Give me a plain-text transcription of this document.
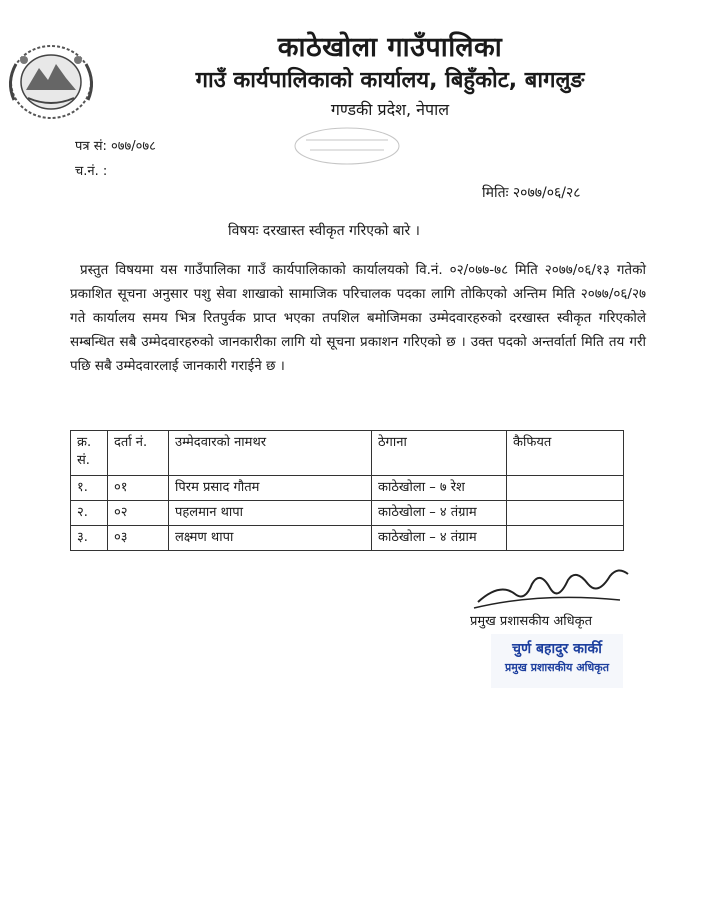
काठेखोला गाउँपालिका
गाउँ कार्यपालिकाको कार्यालय, बिहुँकोट, बागलुङ
गण्डकी प्रदेश, नेपाल
पत्र सं: ०७७/०७८
च.नं. :
मितिः २०७७/०६/२८
विषयः दरखास्त स्वीकृत गरिएको बारे ।
प्रस्तुत विषयमा यस गाउँपालिका गाउँ कार्यपालिकाको कार्यालयको वि.नं. ०२/०७७-७८ मिति २०७७/०६/१३ गतेको प्रकाशित सूचना अनुसार पशु सेवा शाखाको सामाजिक परिचालक पदका लागि तोकिएको अन्तिम मिति २०७७/०६/२७ गते कार्यालय समय भित्र रितपुर्वक प्राप्त भएका तपशिल बमोजिमका उम्मेदवारहरुको दरखास्त स्वीकृत गरिएकोले सम्बन्धित सबै उम्मेदवारहरुको जानकारीका लागि यो सूचना प्रकाशन गरिएको छ । उक्त पदको अन्तर्वार्ता मिति तय गरी पछि सबै उम्मेदवारलाई जानकारी गराईने छ ।
क्र. सं.	दर्ता नं.	उम्मेदवारको नामथर	ठेगाना	कैफियत
१.	०१	पिरम प्रसाद गौतम	काठेखोला – ७ रेश	
२.	०२	पहलमान थापा	काठेखोला – ४ तंग्राम	
३.	०३	लक्ष्मण थापा	काठेखोला – ४ तंग्राम	
प्रमुख प्रशासकीय अधिकृत
चुर्ण बहादुर कार्की
प्रमुख प्रशासकीय अधिकृत
